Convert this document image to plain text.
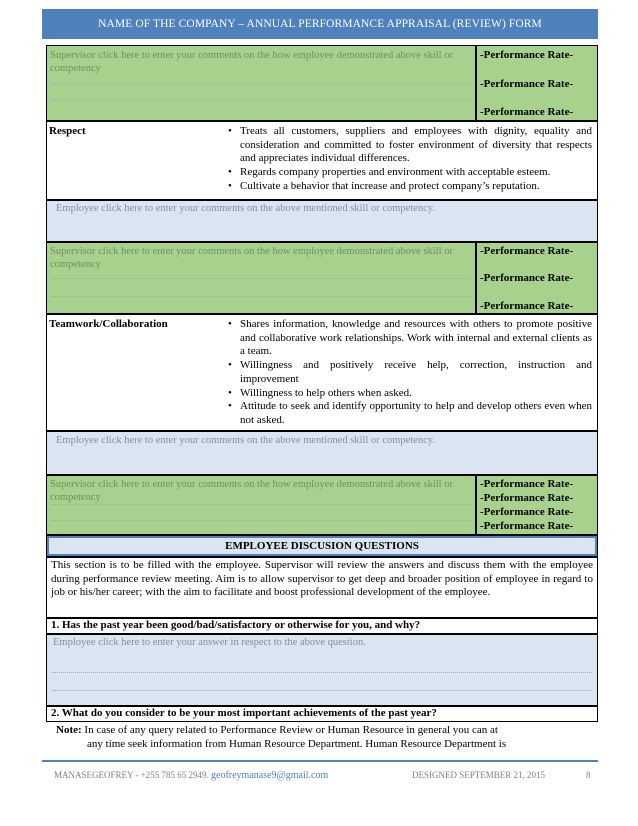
NAME OF THE COMPANY – ANNUAL PERFORMANCE APPRAISAL (REVIEW) FORM
Supervisor click here to enter your comments on the how employee demonstrated above skill or competency
-Performance Rate-
-Performance Rate-
-Performance Rate-
Respect	• Treats all customers, suppliers and employees with dignity, equality and consideration and committed to foster environment of diversity that respects and appreciates individual differences.
• Regards company properties and environment with acceptable esteem.
• Cultivate a behavior that increase and protect company’s reputation.
Employee click here to enter your comments on the above mentioned skill or competency.
Supervisor click here to enter your comments on the how employee demonstrated above skill or competency
-Performance Rate-
-Performance Rate-
-Performance Rate-
Teamwork/Collaboration	• Shares information, knowledge and resources with others to promote positive and collaborative work relationships. Work with internal and external clients as a team.
• Willingness and positively receive help, correction, instruction and improvement
• Willingness to help others when asked.
• Attitude to seek and identify opportunity to help and develop others even when not asked.
Employee click here to enter your comments on the above mentioned skill or competency.
Supervisor click here to enter your comments on the how employee demonstrated above skill or competency
-Performance Rate-
-Performance Rate-
-Performance Rate-
-Performance Rate-
EMPLOYEE DISCUSION QUESTIONS
This section is to be filled with the employee. Supervisor will review the answers and discuss them with the employee during performance review meeting. Aim is to allow supervisor to get deep and broader position of employee in regard to job or his/her career; with the aim to facilitate and boost professional development of the employee.
1. Has the past year been good/bad/satisfactory or otherwise for you, and why?
Employee click here to enter your answer in respect to the above question.
2. What do you consider to be your most important achievements of the past year?
Note: In case of any query related to Performance Review or Human Resource in general you can at
any time seek information from Human Resource Department. Human Resource Department is
MANASEGEOFREY - +255 785 65 2949. geofreymanase9@gmail.com	DESIGNED SEPTEMBER 21, 2015	8
